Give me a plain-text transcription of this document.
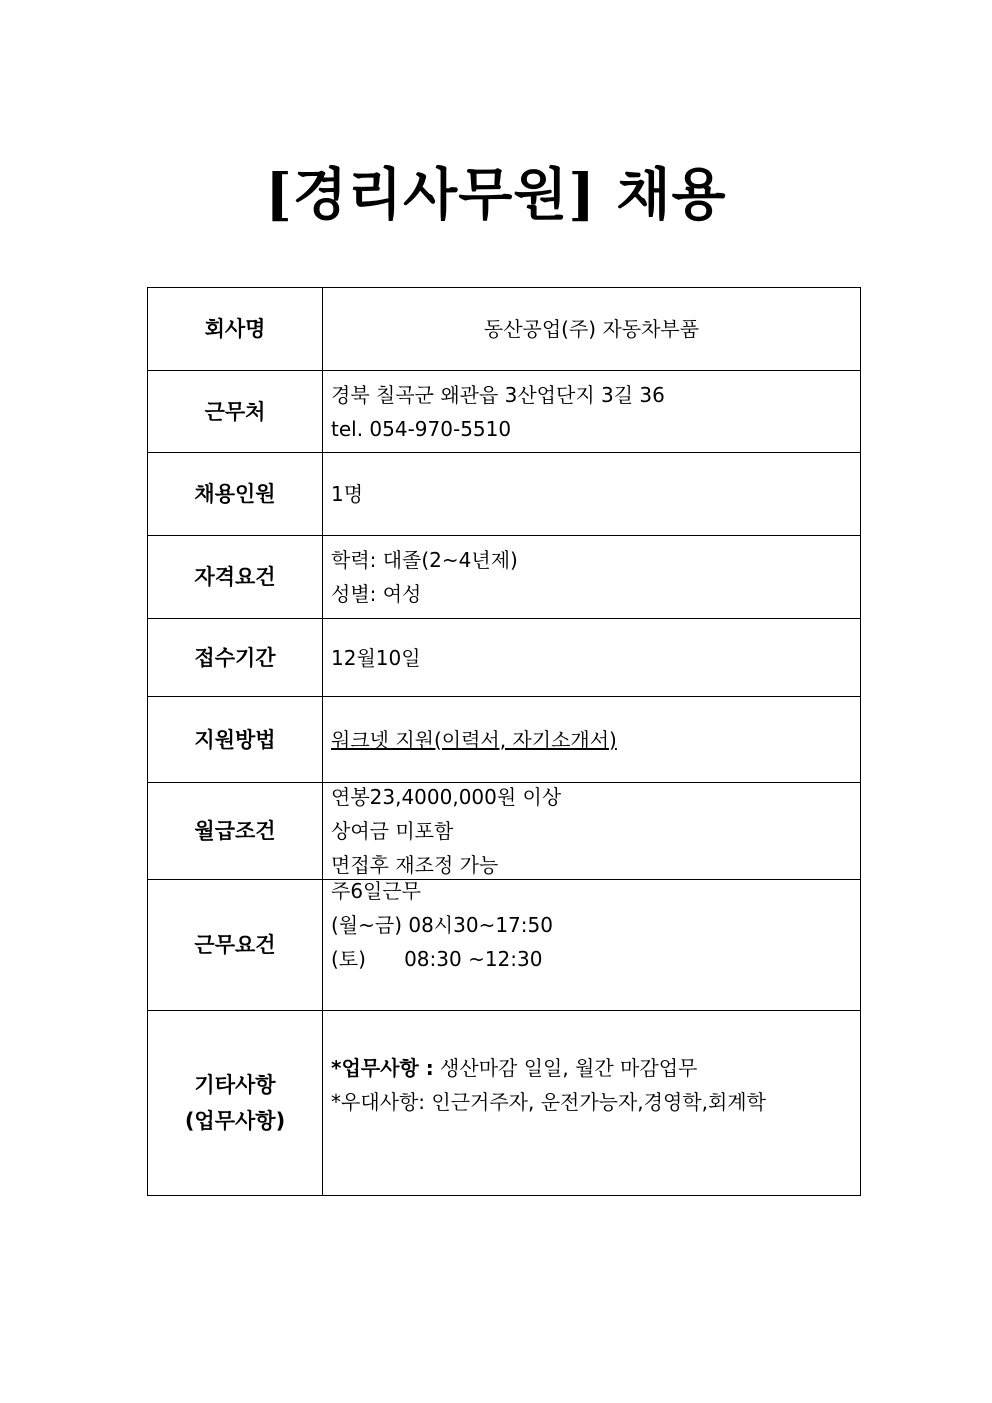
[경리사무원] 채용
회사명	동산공업(주) 자동차부품
근무처	경북 칠곡군 왜관읍 3산업단지 3길 36
tel. 054-970-5510

채용인원	1명
자격요건	학력: 대졸(2~4년제)
성별: 여성

접수기간	12월10일
지원방법	워크넷 지원(이력서, 자기소개서)
월급조건	연봉23,4000,000원 이상
상여금 미포함
면접후 재조정 가능

근무요건	주6일근무
(월~금) 08시30~17:50
(토)      08:30 ~12:30

기타사항
(업무사항)	*업무사항 : 생산마감 일일, 월간 마감업무
*우대사항: 인근거주자, 운전가능자,경영학,회계학
